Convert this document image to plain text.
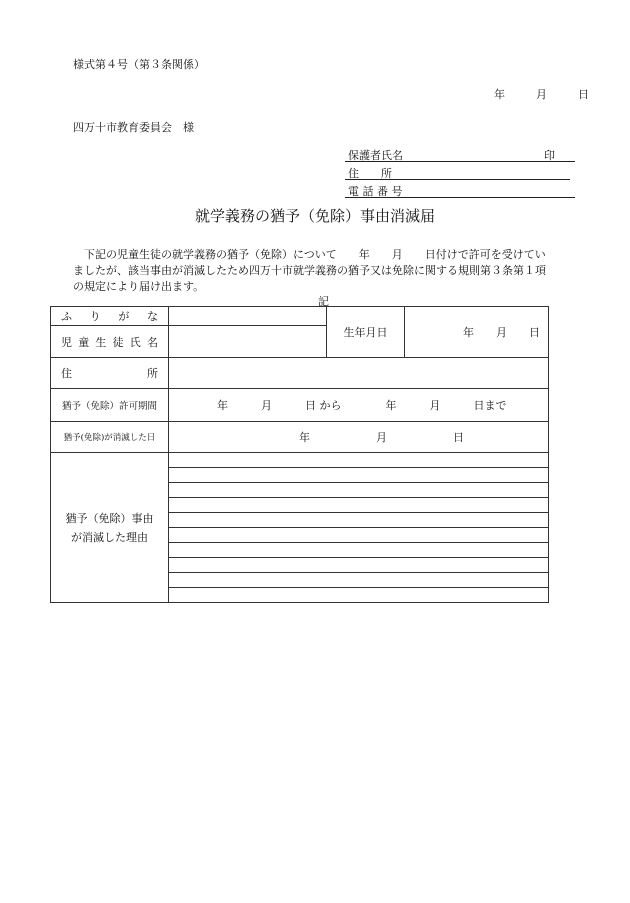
様式第４号（第３条関係）
年	月	日
四万十市教育委員会　様
保護者氏名	印
住　　所
電 話 番 号
就学義務の猶予（免除）事由消滅届

下記の児童生徒の就学義務の猶予（免除）について　　年　　月　　日付けで許可を受けてい

ましたが、該当事由が消滅したため四万十市就学義務の猶予又は免除に関する規則第３条第１項

の規定により届け出ます。

記
ふりがな		生年月日	年　　月　　日
児童生徒氏名			
住所			
猶予（免除）許可期間	年　　　月　　　日 から　　　　年　　　月　　　日まで		
猶予(免除)が消滅した日	年　　　　　　月　　　　　　日		

猶予（免除）事由
が消滅した理由			
